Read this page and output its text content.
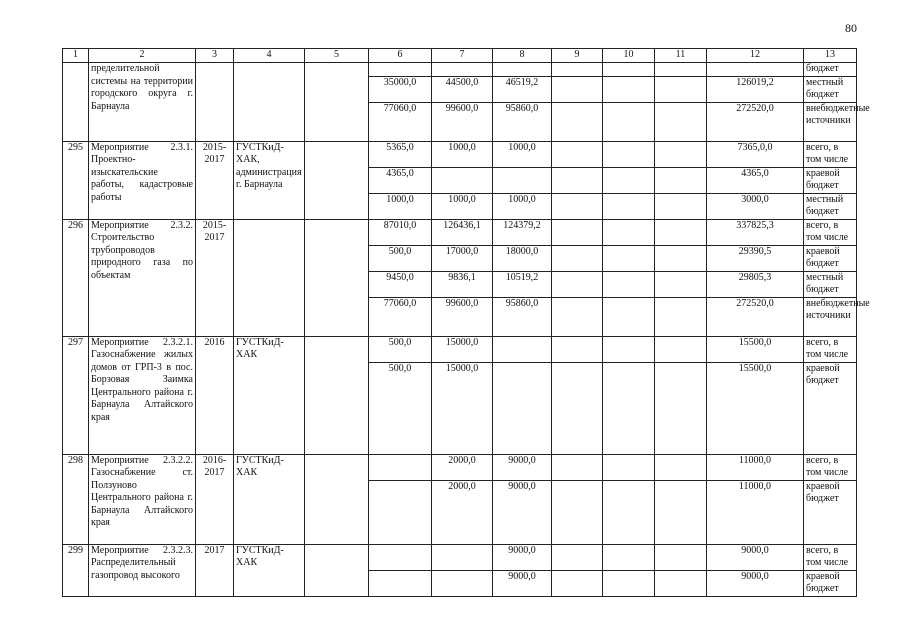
80
1	2	3	4	5	6	7	8	9	10	11	12	13
	пределительной системы на территории городского округа г. Барнаула											бюджет
					35000,0	44500,0	46519,2				126019,2	местный бюджет
					77060,0	99600,0	95860,0				272520,0	внебюджетные источники
295	Мероприятие 2.3.1. Проектно-изыскательские работы, кадастровые работы	2015-2017	ГУСТКиД-ХАК, администрация г. Барнаула		5365,0	1000,0	1000,0				7365,0,0	всего, в том числе
					4365,0						4365,0	краевой бюджет
					1000,0	1000,0	1000,0				3000,0	местный бюджет
296	Мероприятие 2.3.2. Строительство трубопроводов природного газа по объектам	2015-2017			87010,0	126436,1	124379,2				337825,3	всего, в том числе
					500,0	17000,0	18000,0				29390,5	краевой бюджет
					9450,0	9836,1	10519,2				29805,3	местный бюджет
					77060,0	99600,0	95860,0				272520,0	внебюджетные источники
297	Мероприятие 2.3.2.1. Газоснабжение жилых домов от ГРП-3 в пос. Борзовая Заимка Центрального района г. Барнаула Алтайского края	2016	ГУСТКиД-ХАК		500,0	15000,0					15500,0	всего, в том числе
					500,0	15000,0					15500,0	краевой бюджет
298	Мероприятие 2.3.2.2. Газоснабжение ст. Ползуново Центрального района г. Барнаула Алтайского края	2016-2017	ГУСТКиД-ХАК			2000,0	9000,0				11000,0	всего, в том числе
						2000,0	9000,0				11000,0	краевой бюджет
299	Мероприятие 2.3.2.3. Распределительный газопровод высокого	2017	ГУСТКиД-ХАК				9000,0				9000,0	всего, в том числе
							9000,0				9000,0	краевой бюджет
